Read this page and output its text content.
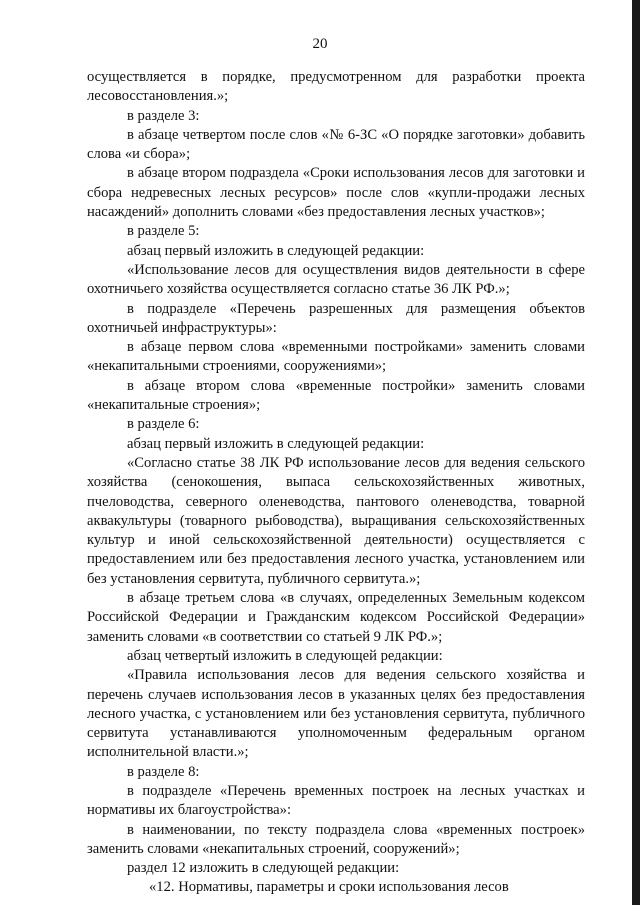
20

осуществляется в порядке, предусмотренном для разработки проекта лесовосстановления.»;

в разделе 3:

в абзаце четвертом после слов «№ 6-ЗС «О порядке заготовки» добавить слова «и сбора»;

в абзаце втором подраздела «Сроки использования лесов для заготовки и сбора недревесных лесных ресурсов» после слов «купли-продажи лесных насаждений» дополнить словами «без предоставления лесных участков»;

в разделе 5:

абзац первый изложить в следующей редакции:

«Использование лесов для осуществления видов деятельности в сфере охотничьего хозяйства осуществляется согласно статье 36 ЛК РФ.»;

в подразделе «Перечень разрешенных для размещения объектов охотничьей инфраструктуры»:

в абзаце первом слова «временными постройками» заменить словами «некапитальными строениями, сооружениями»;

в абзаце втором слова «временные постройки» заменить словами «некапитальные строения»;

в разделе 6:

абзац первый изложить в следующей редакции:

«Согласно статье 38 ЛК РФ использование лесов для ведения сельского хозяйства (сенокошения, выпаса сельскохозяйственных животных, пчеловодства, северного оленеводства, пантового оленеводства, товарной аквакультуры (товарного рыбоводства), выращивания сельскохозяйственных культур и иной сельскохозяйственной деятельности) осуществляется с предоставлением или без предоставления лесного участка, установлением или без установления сервитута, публичного сервитута.»;

в абзаце третьем слова «в случаях, определенных Земельным кодексом Российской Федерации и Гражданским кодексом Российской Федерации» заменить словами «в соответствии со статьей 9 ЛК РФ.»;

абзац четвертый изложить в следующей редакции:

«Правила использования лесов для ведения сельского хозяйства и перечень случаев использования лесов в указанных целях без предоставления лесного участка, с установлением или без установления сервитута, публичного сервитута устанавливаются уполномоченным федеральным органом исполнительной власти.»;

в разделе 8:

в подразделе «Перечень временных построек на лесных участках и нормативы их благоустройства»:

в наименовании, по тексту подраздела слова «временных построек» заменить словами «некапитальных строений, сооружений»;

раздел 12 изложить в следующей редакции:

«12. Нормативы, параметры и сроки использования лесов
